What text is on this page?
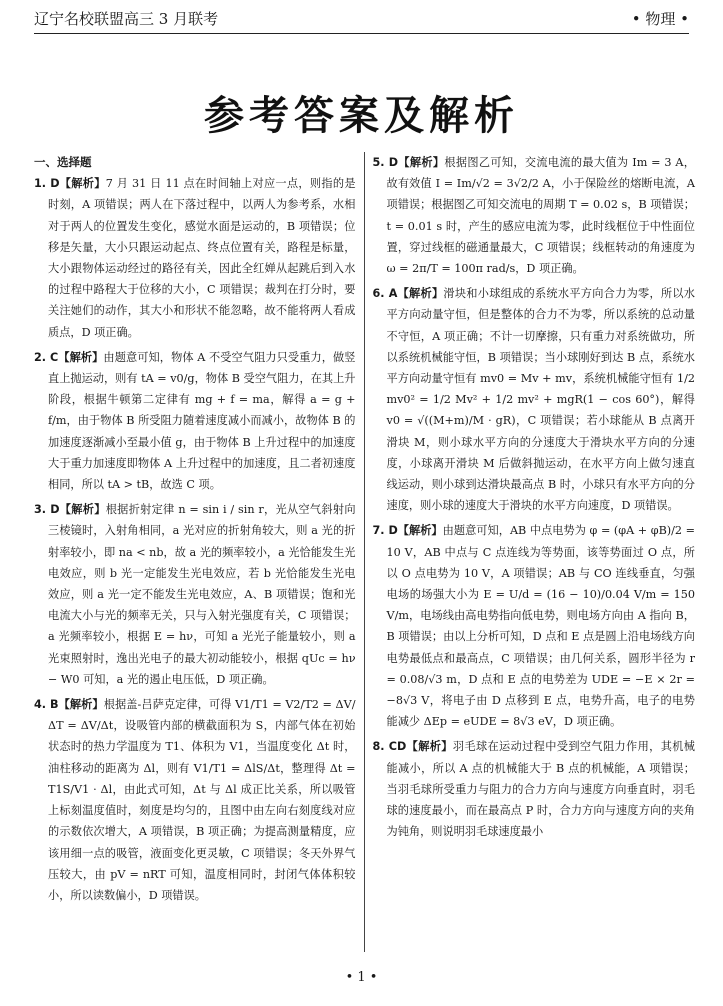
辽宁名校联盟高三 3 月联考	• 物理 •
参考答案及解析
一、选择题

1. D【解析】7 月 31 日 11 点在时间轴上对应一点，则指的是时刻，A 项错误；两人在下落过程中，以两人为参考系，水相对于两人的位置发生变化，感觉水面是运动的，B 项错误；位移是矢量，大小只跟运动起点、终点位置有关，路程是标量，大小跟物体运动经过的路径有关，因此全红婵从起跳后到入水的过程中路程大于位移的大小，C 项错误；裁判在打分时，要关注她们的动作，其大小和形状不能忽略，故不能将两人看成质点，D 项正确。

2. C【解析】由题意可知，物体 A 不受空气阻力只受重力，做竖直上抛运动，则有 tA = v0/g，物体 B 受空气阻力，在其上升阶段，根据牛顿第二定律有 mg + f = ma，解得 a = g + f/m，由于物体 B 所受阻力随着速度减小而减小，故物体 B 的加速度逐渐减小至最小值 g，由于物体 B 上升过程中的加速度大于重力加速度即物体 A 上升过程中的加速度，且二者初速度相同，所以 tA > tB，故选 C 项。

3. D【解析】根据折射定律 n = sin i / sin r，光从空气斜射向三棱镜时，入射角相同，a 光对应的折射角较大，则 a 光的折射率较小，即 na < nb，故 a 光的频率较小，a 光恰能发生光电效应，则 b 光一定能发生光电效应，若 b 光恰能发生光电效应，则 a 光一定不能发生光电效应，A、B 项错误；饱和光电流大小与光的频率无关，只与入射光强度有关，C 项错误；a 光频率较小，根据 E = hν，可知 a 光光子能量较小，则 a 光束照射时，逸出光电子的最大初动能较小，根据 qUc = hν − W0 可知，a 光的遏止电压低，D 项正确。

4. B【解析】根据盖-吕萨克定律，可得 V1/T1 = V2/T2 = ΔV/ΔT = ΔV/Δt，设吸管内部的横截面积为 S，内部气体在初始状态时的热力学温度为 T1、体积为 V1，当温度变化 Δt 时，油柱移动的距离为 Δl，则有 V1/T1 = ΔlS/Δt，整理得 Δt = T1S/V1 · Δl，由此式可知，Δt 与 Δl 成正比关系，所以吸管上标刻温度值时，刻度是均匀的，且图中由左向右刻度线对应的示数依次增大，A 项错误，B 项正确；为提高测量精度，应该用细一点的吸管，液面变化更灵敏，C 项错误；冬天外界气压较大，由 pV = nRT 可知，温度相同时，封闭气体体积较小，所以读数偏小，D 项错误。

5. D【解析】根据图乙可知，交流电流的最大值为 Im = 3 A，故有效值 I = Im/√2 = 3√2/2 A，小于保险丝的熔断电流，A 项错误；根据图乙可知交流电的周期 T = 0.02 s，B 项错误；t = 0.01 s 时，产生的感应电流为零，此时线框位于中性面位置，穿过线框的磁通量最大，C 项错误；线框转动的角速度为 ω = 2π/T = 100π rad/s，D 项正确。

6. A【解析】滑块和小球组成的系统水平方向合力为零，所以水平方向动量守恒，但是整体的合力不为零，所以系统的总动量不守恒，A 项正确；不计一切摩擦，只有重力对系统做功，所以系统机械能守恒，B 项错误；当小球刚好到达 B 点，系统水平方向动量守恒有 mv0 = Mv + mv，系统机械能守恒有 1/2 mv0² = 1/2 Mv² + 1/2 mv² + mgR(1 − cos 60°)，解得 v0 = √((M+m)/M · gR)，C 项错误；若小球能从 B 点离开滑块 M，则小球水平方向的分速度大于滑块水平方向的分速度，小球离开滑块 M 后做斜抛运动，在水平方向上做匀速直线运动，则小球到达滑块最高点 B 时，小球只有水平方向的分速度，则小球的速度大于滑块的水平方向速度，D 项错误。

7. D【解析】由题意可知，AB 中点电势为 φ = (φA + φB)/2 = 10 V，AB 中点与 C 点连线为等势面，该等势面过 O 点，所以 O 点电势为 10 V，A 项错误；AB 与 CO 连线垂直，匀强电场的场强大小为 E = U/d = (16 − 10)/0.04 V/m = 150 V/m，电场线由高电势指向低电势，则电场方向由 A 指向 B，B 项错误；由以上分析可知，D 点和 E 点是圆上沿电场线方向电势最低点和最高点，C 项错误；由几何关系，圆形半径为 r = 0.08/√3 m，D 点和 E 点的电势差为 UDE = −E × 2r = −8√3 V，将电子由 D 点移到 E 点，电势升高，电子的电势能减少 ΔEp = eUDE = 8√3 eV，D 项正确。

8. CD【解析】羽毛球在运动过程中受到空气阻力作用，其机械能减小，所以 A 点的机械能大于 B 点的机械能，A 项错误；当羽毛球所受重力与阻力的合力方向与速度方向垂直时，羽毛球的速度最小，而在最高点 P 时，合力方向与速度方向的夹角为钝角，则说明羽毛球速度最小

• 1 •
